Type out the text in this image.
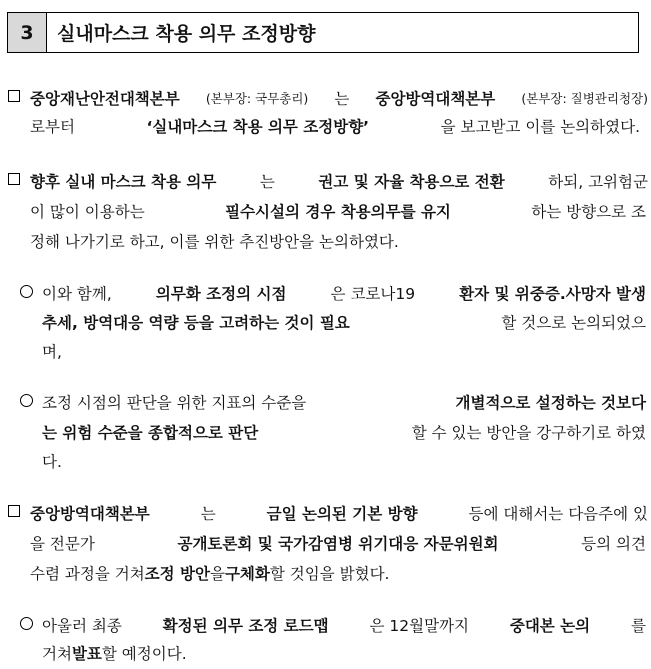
3	실내마스크 착용 의무 조정방향
중앙재난안전대책본부 (본부장: 국무총리) 는 중앙방역대책본부 (본부장: 질병관리청장)
로부터	‘실내마스크 착용 의무 조정방향’	을 보고받고 이를 논의하였다.
향후 실내 마스크 착용 의무	는	권고 및 자율 착용으로 전환	하되, 고위험군
이 많이 이용하는	필수시설의 경우 착용의무를 유지	하는 방향으로 조
정해 나가기로 하고, 이를 위한 추진방안을 논의하였다.
이와 함께,	의무화 조정의 시점	은 코로나19	환자 및 위중증.사망자 발생
추세, 방역대응 역량 등을 고려하는 것이 필요	할 것으로 논의되었으
며,
조정 시점의 판단을 위한 지표의 수준을	개별적으로 설정하는 것보다
는 위험 수준을 종합적으로 판단	할 수 있는 방안을 강구하기로 하였
다.
중앙방역대책본부	는	금일 논의된 기본 방향	등에 대해서는 다음주에 있
을 전문가	공개토론회 및 국가감염병 위기대응 자문위원회	등의 의견
수렴 과정을 거쳐 조정 방안 을 구체화 할 것임을 밝혔다.
아울러 최종	확정된 의무 조정 로드맵	은 12월말까지	중대본 논의	를
거쳐 발표 할 예정이다.
